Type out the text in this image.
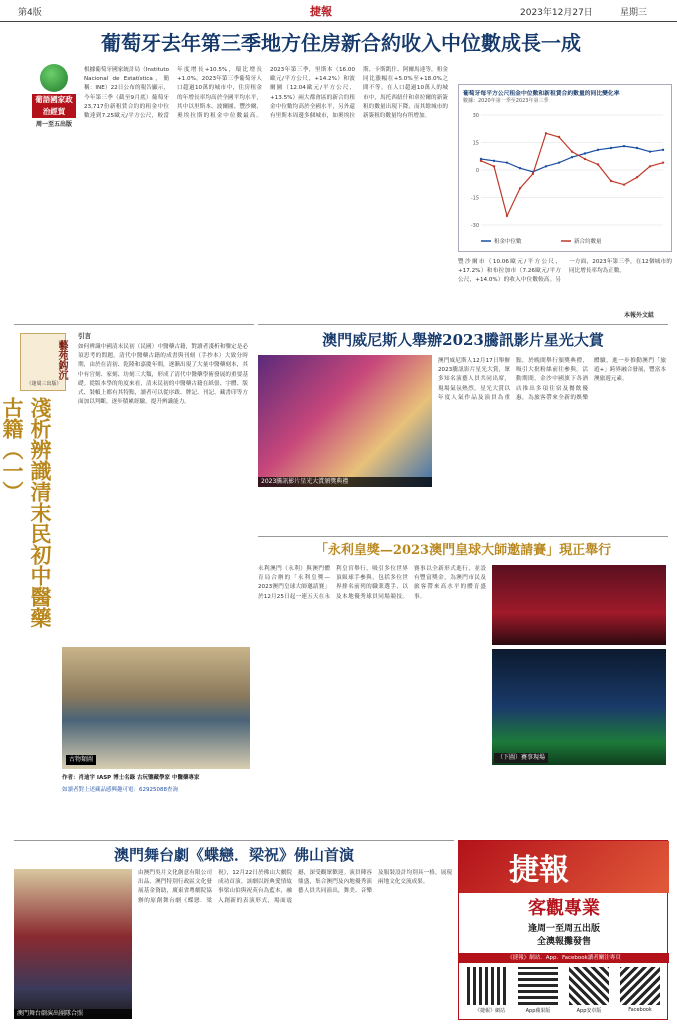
第4版	捷報	2023年12月27日	星期三
葡萄牙去年第三季地方住房新合約收入中位數成長一成
葡語國家政治經貿
周一至五出版
根據葡萄牙國家統計局（Instituto Nacional de Estatística，簡稱：INE）22日公布的報告顯示，今年第三季（截至9月底）葡萄牙23,717份新租賃合約的租金中位數達到7.25歐元/平方公尺，較當年度增長+10.5%，環比增長+1.0%。2023年第三季葡萄牙人口超過10萬的城市中，住房租金的年增長率均高於全國平均水平，其中以里斯本、波爾圖、豐沙爾、奧埃拉斯的租金中位數最高。2023年第三季，里斯本（16.00歐元/平方公尺，+14.2%）和波爾圖（12.04歐元/平方公尺，+13.5%）兩大都會區的新合約租金中位數均高於全國水平，另外還有里斯本周邊多個城市，如奧埃拉斯、卡斯凱什、阿爾馬達等，租金同比漲幅在+5.0%至+18.0%之間不等。在人口超過10萬人的城市中，馬托西紐什和韋拉爾的新簽租約數量出現下降，而其餘城市的新簽租約數量均有所增加。
葡萄牙每平方公尺租金中位數和新租賃合約數量的同比變化率
數據：2020年第一季至2023年第三季
-30
-15
0
15
30
租金中位數	新合約數量
豐沙爾市（10.06歐元/平方公尺，+17.2%）和布拉加市（7.26歐元/平方公尺，+14.0%）的收入中位數較高。另一方面，2023年第三季，在12個城市的同比增長率均為正數。
本報外文組
藝苑鈎沉
（逢周三出版）
引言
淺析辨識清末民初中醫藥古籍（一）
如何辨識中國清末民初（民國）中醫藥古籍，對讀者淺析和鑒定是必須思考的問題。清代中醫藥古籍的成書與刊刻（手抄本）大致分時期，由於在清初、乾隆和嘉慶年間，逐漸出現了大量中醫藥刻本，其中有官刻、家刻、坊刻三大類，形成了清代中醫藥學術發展的重要基礎。從版本學的角度來看，清末民初的中醫藥古籍在紙張、字體、版式、裝幀上都有其特點，讀者可以從序跋、牌記、刊記、藏書印等方面加以判斷，逐步積累經驗，提升辨識能力。
古物類圖
作者：肖迪宇 IASP 博士名錄 古玩鑒藏學家 中醫藥專家
如讀者對上述藏品感興趣可電：62925088查詢
澳門威尼斯人舉辦2023騰訊影片星光大賞
2023騰訊影片星光大賞頒獎典禮
澳門威尼斯人12月17日舉辦2023騰訊影片星光大賞，眾多知名演藝人員共同出席，現場氣氛熱烈。星光大賞以年度人氣作品及演員為重點，於晚間舉行頒獎典禮，吸引大批粉絲前往參與。活動期間，金沙中國旗下各酒店推出多項住宿及餐飲優惠，為旅客帶來全新的娛樂體驗，進一步推動澳門「旅遊+」跨界融合發展，豐富本澳旅遊元素。
「永利皇獎—2023澳門皇球大師邀請賽」現正舉行
永利澳門（永利）與澳門體育局合辦的「永利皇獎—2023澳門皇球大師邀請賽」於12月25日起一連五天在永利皇宮舉行，吸引多位世界頂級球手參與，包括多位世界排名前列的職業選手，以及本地優秀球員同場競技。賽事以全新形式進行，並設有豐富獎金，為澳門市民及旅客帶來高水平的體育盛事。
（下圖）賽事現場
澳門舞台劇《蝶戀．梁祝》佛山首演
澳門舞台劇演出團隊合照
由澳門吳月文化創意有限公司出品、澳門特別行政區文化發展基金資助，廣東省粵劇院協辦的原創舞台劇《蝶戀．梁祝》，12月22日於佛山大劇院成功首演。該劇以經典愛情故事梁山伯與祝英台為藍本，融入創新的表演形式，場面震撼，深受觀眾歡迎。演員陣容鼎盛，集合澳門及內地優秀演藝人員共同演出，舞美、音樂及服裝設計均別具一格，展現兩地文化交流成果。	捷報
客觀專業
逢周一至周五出版
全澳報攤發售
《捷報》網站．App．Facebook讀者關注專頁
《捷報》網站	App蘋果版	App安卓版	Facebook
